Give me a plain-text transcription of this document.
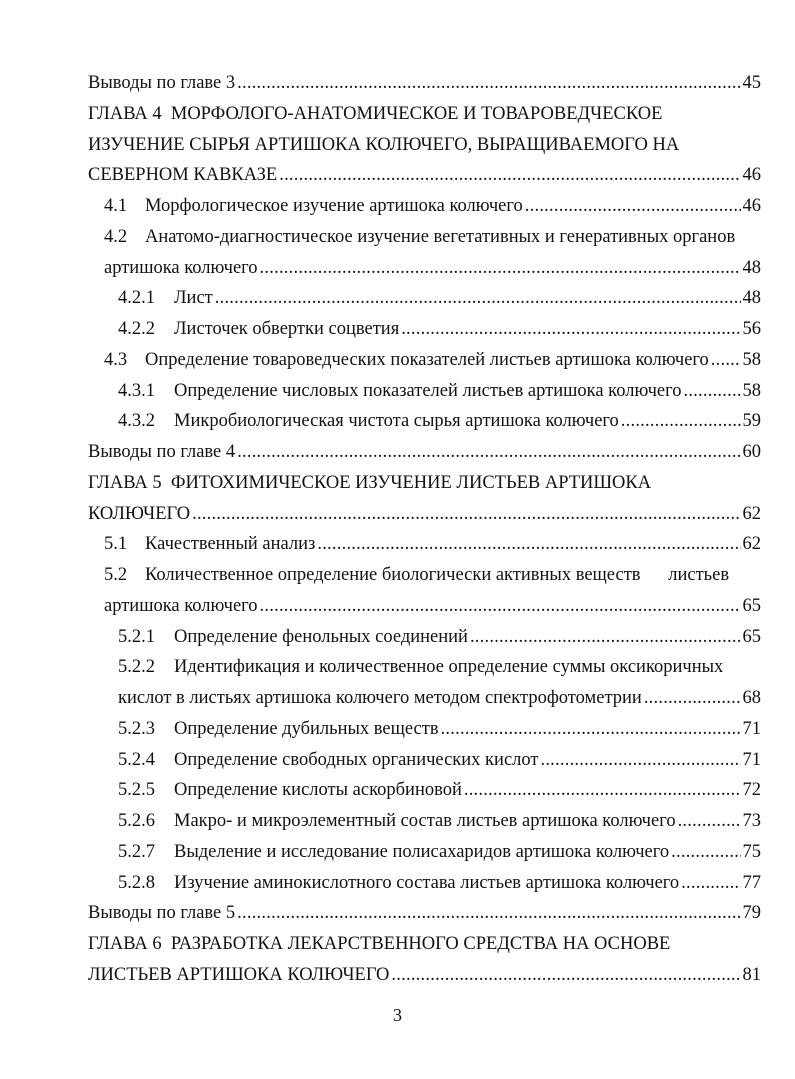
Выводы по главе 3 . . .	45
ГЛАВА 4  МОРФОЛОГО-АНАТОМИЧЕСКОЕ И ТОВАРОВЕДЧЕСКОЕ
ИЗУЧЕНИЕ СЫРЬЯ АРТИШОКА КОЛЮЧЕГО, ВЫРАЩИВАЕМОГО НА
СЕВЕРНОМ КАВКАЗЕ . . .	46
4.1 Морфологическое изучение артишока колючего . . .	46
4.2 Анатомо-диагностическое изучение вегетативных и генеративных органов
артишока колючего . . .	48
4.2.1	Лист . . .	48
4.2.2	Листочек обвертки соцветия . . .	56
4.3 Определение товароведческих показателей листьев артишока колючего . . . 58
4.3.1	Определение числовых показателей листьев артишока колючего . . .	58
4.3.2	Микробиологическая чистота сырья артишока колючего . . .	59
Выводы по главе 4 . . .	60
ГЛАВА 5  ФИТОХИМИЧЕСКОЕ ИЗУЧЕНИЕ ЛИСТЬЕВ АРТИШОКА
КОЛЮЧЕГО . . .	62
5.1 Качественный анализ . . .	62
5.2 Количественное определение биологически активных веществ      листьев
артишока колючего . . .	65
5.2.1	Определение фенольных соединений . . .	65
5.2.2	Идентификация и количественное определение суммы оксикоричных
кислот в листьях артишока колючего методом спектрофотометрии . . .	68
5.2.3	Определение дубильных веществ . . .	71
5.2.4	Определение свободных органических кислот . . .	71
5.2.5	Определение кислоты аскорбиновой . . .	72
5.2.6	Макро- и микроэлементный состав листьев артишока колючего . . .	73
5.2.7	Выделение и исследование полисахаридов артишока колючего . . .	75
5.2.8	Изучение аминокислотного состава листьев артишока колючего . . .	77
Выводы по главе 5 . . .	79
ГЛАВА 6  РАЗРАБОТКА ЛЕКАРСТВЕННОГО СРЕДСТВА НА ОСНОВЕ
ЛИСТЬЕВ АРТИШОКА КОЛЮЧЕГО . . .	81
3
